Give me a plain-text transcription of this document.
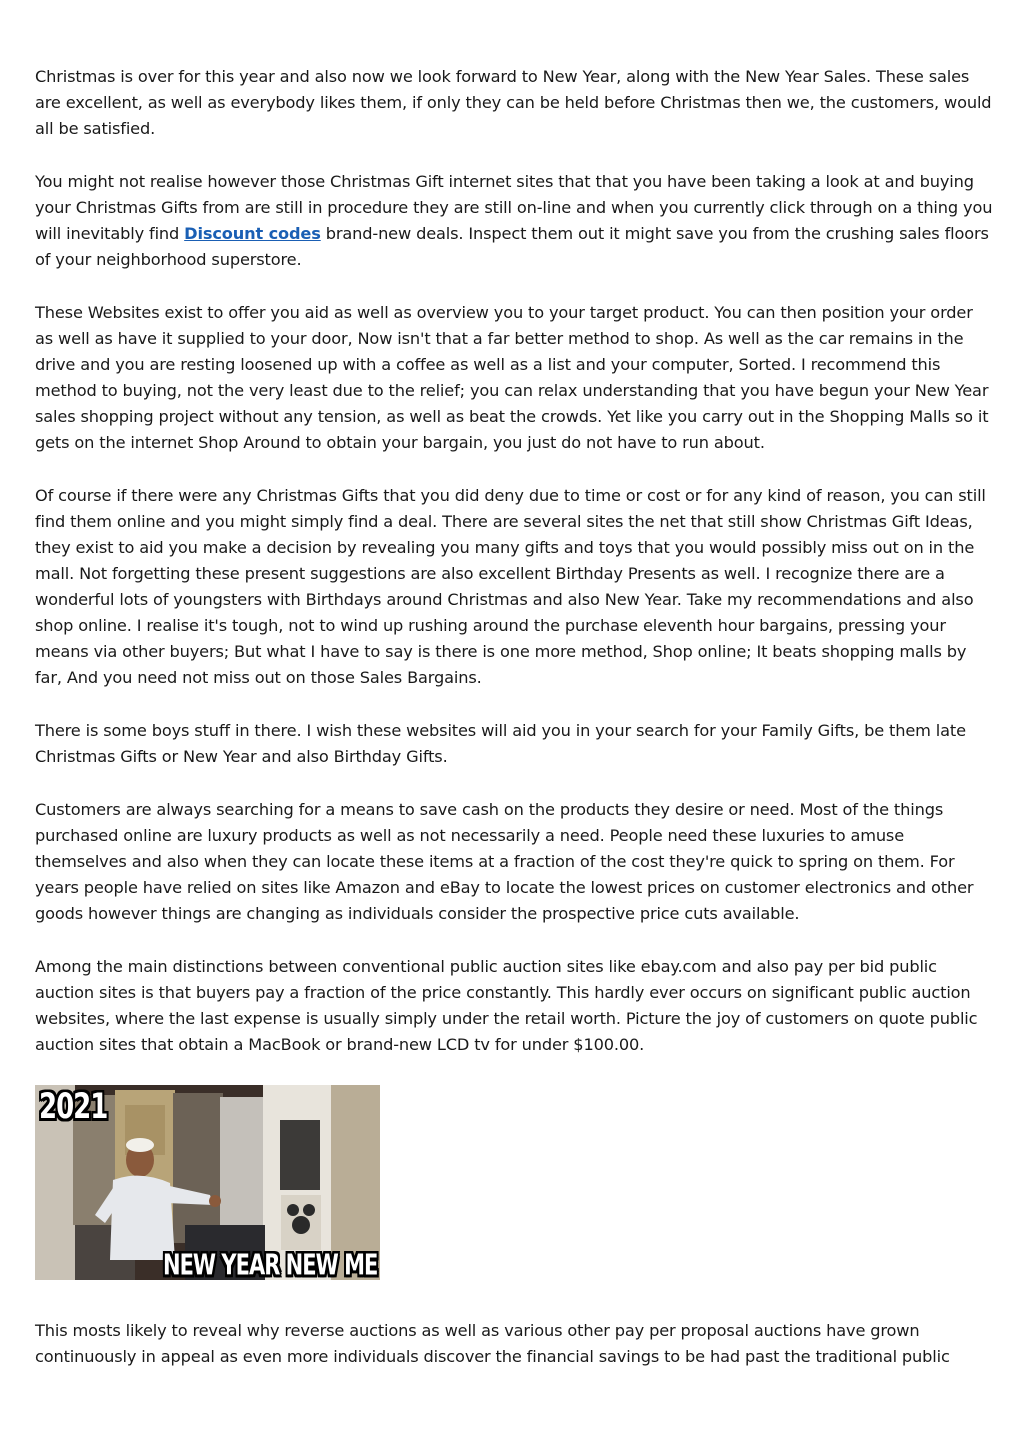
Christmas is over for this year and also now we look forward to New Year, along with the New Year Sales. These sales are excellent, as well as everybody likes them, if only they can be held before Christmas then we, the customers, would all be satisfied.

You might not realise however those Christmas Gift internet sites that that you have been taking a look at and buying your Christmas Gifts from are still in procedure they are still on-line and when you currently click through on a thing you will inevitably find Discount codes brand-new deals. Inspect them out it might save you from the crushing sales floors of your neighborhood superstore.

These Websites exist to offer you aid as well as overview you to your target product. You can then position your order as well as have it supplied to your door, Now isn't that a far better method to shop. As well as the car remains in the drive and you are resting loosened up with a coffee as well as a list and your computer, Sorted. I recommend this method to buying, not the very least due to the relief; you can relax understanding that you have begun your New Year sales shopping project without any tension, as well as beat the crowds. Yet like you carry out in the Shopping Malls so it gets on the internet Shop Around to obtain your bargain, you just do not have to run about.

Of course if there were any Christmas Gifts that you did deny due to time or cost or for any kind of reason, you can still find them online and you might simply find a deal. There are several sites the net that still show Christmas Gift Ideas, they exist to aid you make a decision by revealing you many gifts and toys that you would possibly miss out on in the mall. Not forgetting these present suggestions are also excellent Birthday Presents as well. I recognize there are a wonderful lots of youngsters with Birthdays around Christmas and also New Year. Take my recommendations and also shop online. I realise it's tough, not to wind up rushing around the purchase eleventh hour bargains, pressing your means via other buyers; But what I have to say is there is one more method, Shop online; It beats shopping malls by far, And you need not miss out on those Sales Bargains.

There is some boys stuff in there. I wish these websites will aid you in your search for your Family Gifts, be them late Christmas Gifts or New Year and also Birthday Gifts.

Customers are always searching for a means to save cash on the products they desire or need. Most of the things purchased online are luxury products as well as not necessarily a need. People need these luxuries to amuse themselves and also when they can locate these items at a fraction of the cost they're quick to spring on them. For years people have relied on sites like Amazon and eBay to locate the lowest prices on customer electronics and other goods however things are changing as individuals consider the prospective price cuts available.

Among the main distinctions between conventional public auction sites like ebay.com and also pay per bid public auction sites is that buyers pay a fraction of the price constantly. This hardly ever occurs on significant public auction websites, where the last expense is usually simply under the retail worth. Picture the joy of customers on quote public auction sites that obtain a MacBook or brand-new LCD tv for under $100.00.

2021
NEW YEAR NEW ME

This mosts likely to reveal why reverse auctions as well as various other pay per proposal auctions have grown continuously in appeal as even more individuals discover the financial savings to be had past the traditional public
